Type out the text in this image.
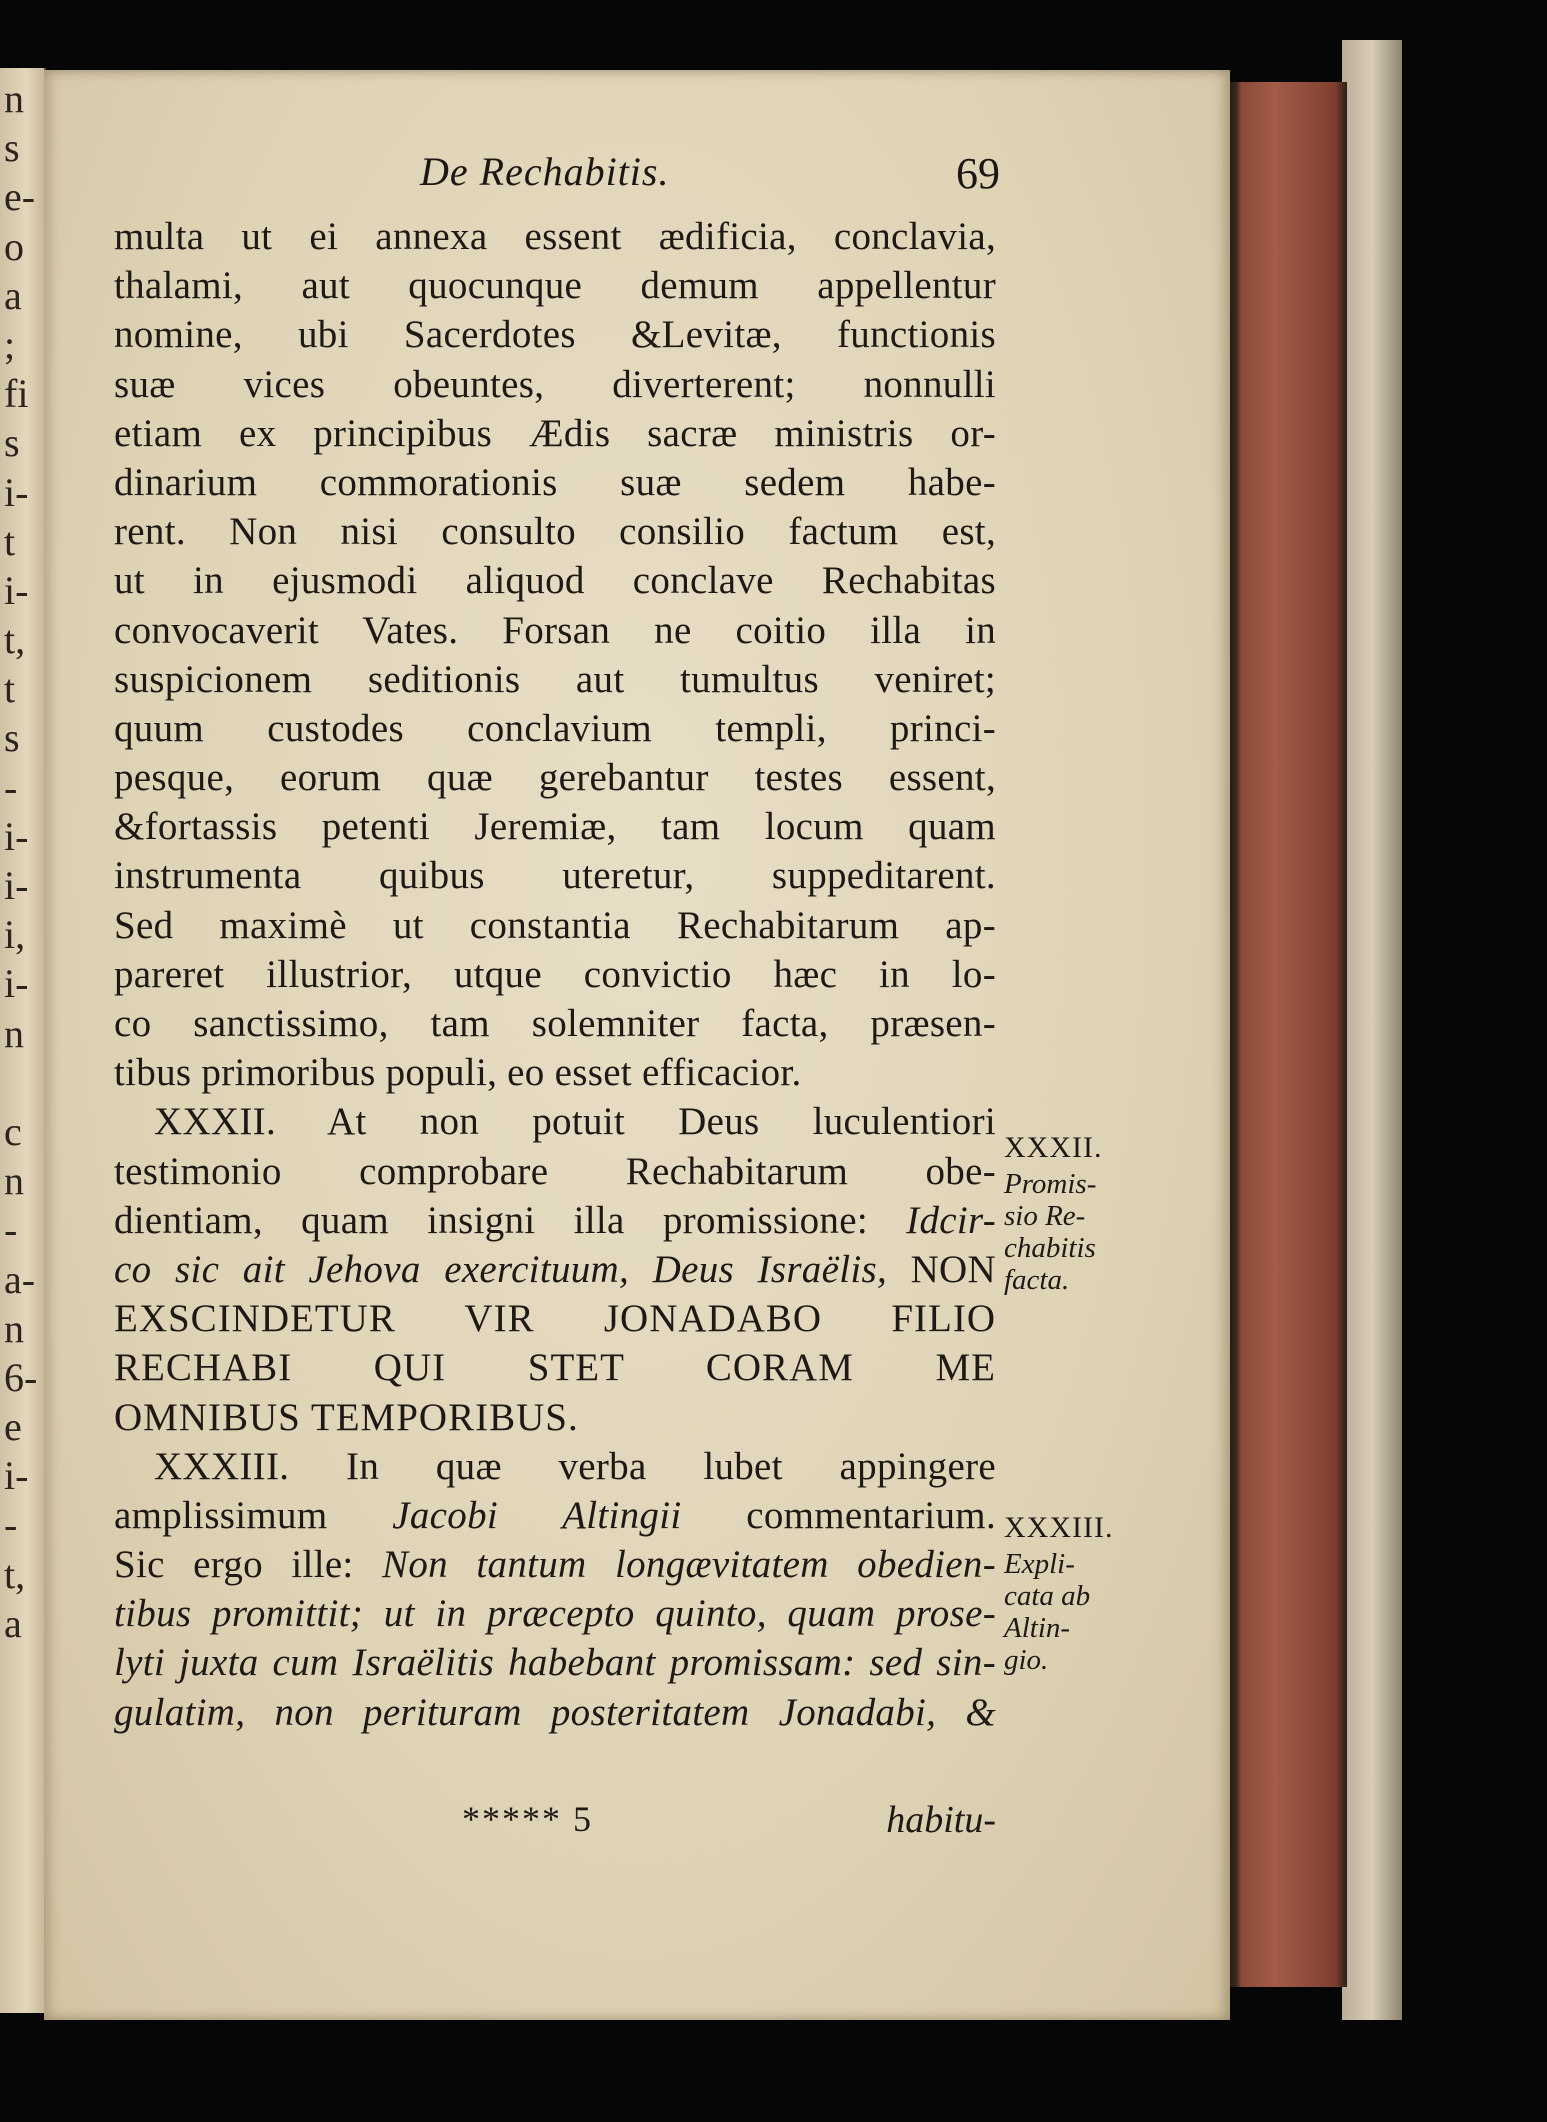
n
s
e-
o
a
;
fi
s
i-
t
i-
t,
t
s
-
i-
i-
i,
i-
n
c
n
-
a-
n
6-
e
i-
-
t,
a
De Rechabitis.	69
multa ut ei annexa essent ædificia, conclavia,
thalami, aut quocunque demum appellentur
nomine, ubi Sacerdotes &Levitæ, functionis
suæ vices obeuntes, diverterent; nonnulli
etiam ex principibus Ædis sacræ ministris or-
dinarium commorationis suæ sedem habe-
rent. Non nisi consulto consilio factum est,
ut in ejusmodi aliquod conclave Rechabitas
convocaverit Vates. Forsan ne coitio illa in
suspicionem seditionis aut tumultus veniret;
quum custodes conclavium templi, princi-
pesque, eorum quæ gerebantur testes essent,
&fortassis petenti Jeremiæ, tam locum quam
instrumenta quibus uteretur, suppeditarent.
Sed maximè ut constantia Rechabitarum ap-
pareret illustrior, utque convictio hæc in lo-
co sanctissimo, tam solemniter facta, præsen-
tibus primoribus populi, eo esset efficacior.
XXXII. At non potuit Deus luculentiori
testimonio comprobare Rechabitarum obe-
dientiam, quam insigni illa promissione: Idcir-
co sic ait Jehova exercituum, Deus Israëlis, NON
EXSCINDETUR VIR JONADABO FILIO
RECHABI QUI STET CORAM ME
OMNIBUS TEMPORIBUS.
XXXIII. In quæ verba lubet appingere
amplissimum Jacobi Altingii commentarium.
Sic ergo ille: Non tantum longævitatem obedien-
tibus promittit; ut in præcepto quinto, quam prose-
lyti juxta cum Israëlitis habebant promissam: sed sin-
gulatim, non perituram posteritatem Jonadabi, &
XXXII.
Promis-
sio Re-
chabitis
facta.
XXXIII.
Expli-
cata ab
Altin-
gio.
***** 5	habitu-
